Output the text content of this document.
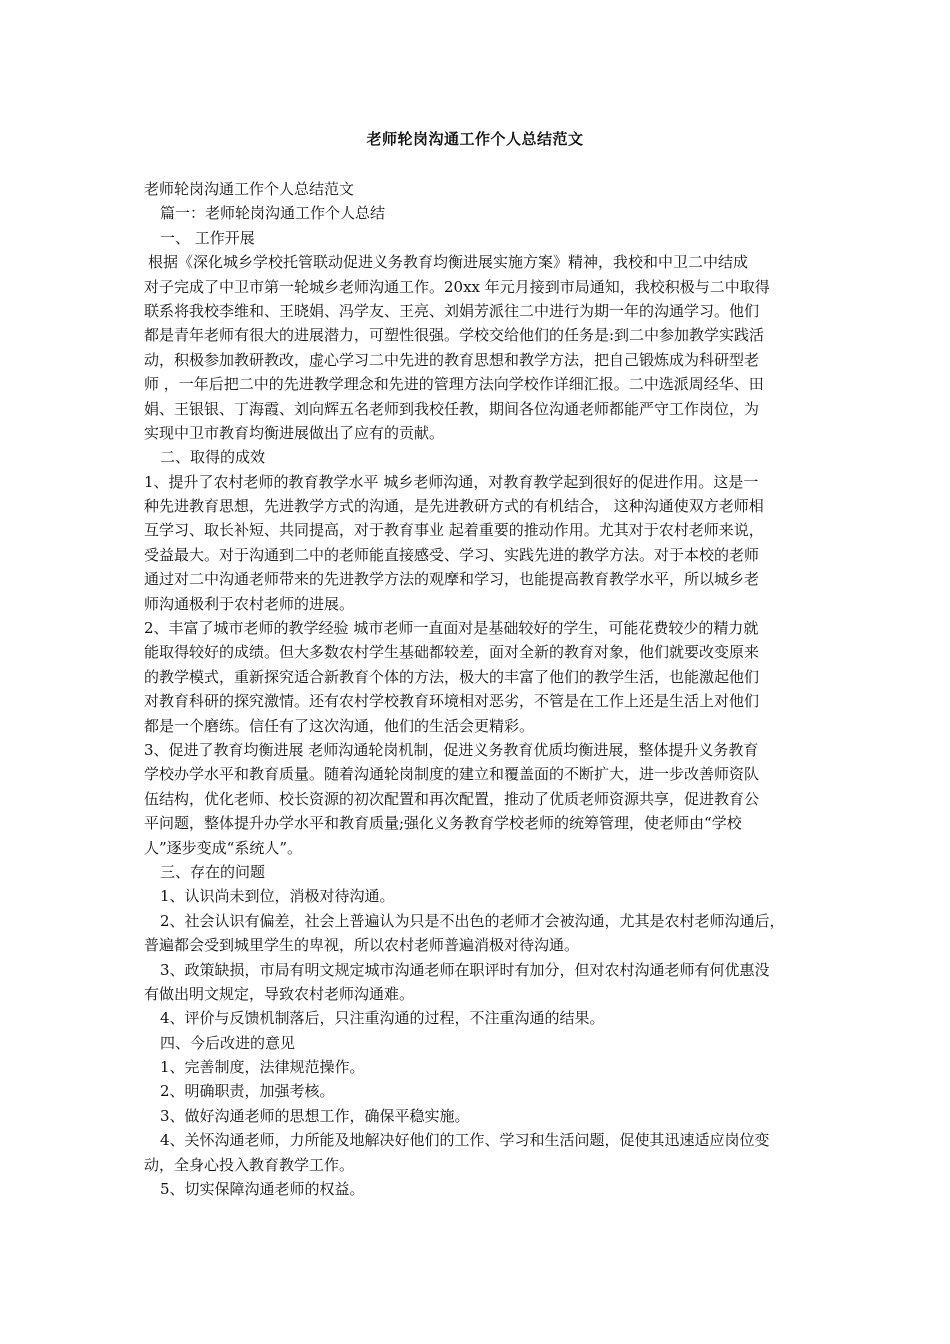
老师轮岗沟通工作个人总结范文
老师轮岗沟通工作个人总结范文
篇一：老师轮岗沟通工作个人总结
一、 工作开展
根据《深化城乡学校托管联动促进义务教育均衡进展实施方案》精神，我校和中卫二中结成
对子完成了中卫市第一轮城乡老师沟通工作。20xx 年元月接到市局通知，我校积极与二中取得
联系将我校李维和、王晓娟、冯学友、王亮、刘娟芳派往二中进行为期一年的沟通学习。他们
都是青年老师有很大的进展潜力，可塑性很强。学校交给他们的任务是:到二中参加教学实践活
动，积极参加教研教改，虚心学习二中先进的教育思想和教学方法，把自己锻炼成为科研型老
师 ，一年后把二中的先进教学理念和先进的管理方法向学校作详细汇报。二中选派周经华、田
娟、王银银、丁海霞、刘向辉五名老师到我校任教，期间各位沟通老师都能严守工作岗位，为
实现中卫市教育均衡进展做出了应有的贡献。
二、取得的成效
1、提升了农村老师的教育教学水平 城乡老师沟通，对教育教学起到很好的促进作用。这是一
种先进教育思想，先进教学方式的沟通，是先进教研方式的有机结合， 这种沟通使双方老师相
互学习、取长补短、共同提高，对于教育事业 起着重要的推动作用。尤其对于农村老师来说，
受益最大。对于沟通到二中的老师能直接感受、学习、实践先进的教学方法。对于本校的老师
通过对二中沟通老师带来的先进教学方法的观摩和学习，也能提高教育教学水平，所以城乡老
师沟通极利于农村老师的进展。
2、丰富了城市老师的教学经验 城市老师一直面对是基础较好的学生，可能花费较少的精力就
能取得较好的成绩。但大多数农村学生基础都较差，面对全新的教育对象，他们就要改变原来
的教学模式，重新探究适合新教育个体的方法，极大的丰富了他们的教学生活，也能激起他们
对教育科研的探究激情。还有农村学校教育环境相对恶劣，不管是在工作上还是生活上对他们
都是一个磨练。信任有了这次沟通，他们的生活会更精彩。
3、促进了教育均衡进展 老师沟通轮岗机制，促进义务教育优质均衡进展，整体提升义务教育
学校办学水平和教育质量。随着沟通轮岗制度的建立和覆盖面的不断扩大，进一步改善师资队
伍结构，优化老师、校长资源的初次配置和再次配置，推动了优质老师资源共享，促进教育公
平问题，整体提升办学水平和教育质量;强化义务教育学校老师的统筹管理，使老师由“学校
人”逐步变成“系统人”。
三、存在的问题
1、认识尚未到位，消极对待沟通。
2、社会认识有偏差，社会上普遍认为只是不出色的老师才会被沟通，尤其是农村老师沟通后，
普遍都会受到城里学生的卑视，所以农村老师普遍消极对待沟通。
3、政策缺损，市局有明文规定城市沟通老师在职评时有加分，但对农村沟通老师有何优惠没
有做出明文规定，导致农村老师沟通难。
4、评价与反馈机制落后，只注重沟通的过程，不注重沟通的结果。
四、今后改进的意见
1、完善制度，法律规范操作。
2、明确职责，加强考核。
3、做好沟通老师的思想工作，确保平稳实施。
4、关怀沟通老师，力所能及地解决好他们的工作、学习和生活问题，促使其迅速适应岗位变
动，全身心投入教育教学工作。
5、切实保障沟通老师的权益。
